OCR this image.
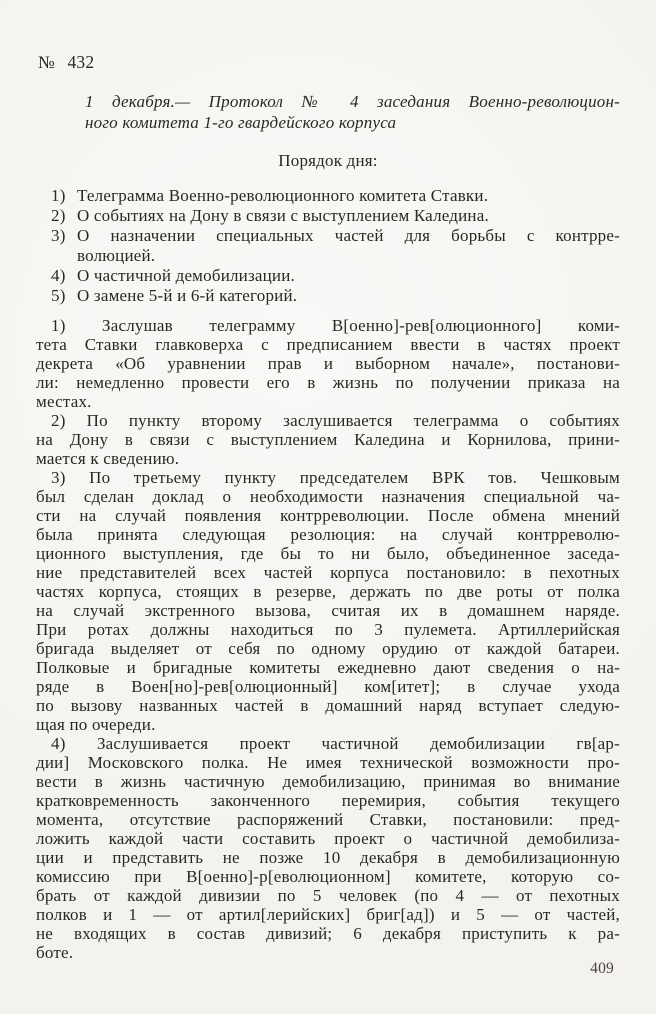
№ 432
1 декабря.— Протокол № 4 заседания Военно-революцион-
ного комитета 1-го гвардейского корпуса
Порядок дня:
1) Телеграмма Военно-революционного комитета Ставки.
2) О событиях на Дону в связи с выступлением Каледина.
3) О назначении специальных частей для борьбы с контрре-
волюцией.
4) О частичной демобилизации.
5) О замене 5-й и 6-й категорий.
1) Заслушав телеграмму В[оенно]-рев[олюционного] коми-
тета Ставки главковерха с предписанием ввести в частях проект
декрета «Об уравнении прав и выборном начале», постанови-
ли: немедленно провести его в жизнь по получении приказа на
местах.
2) По пункту второму заслушивается телеграмма о событиях
на Дону в связи с выступлением Каледина и Корнилова, прини-
мается к сведению.
3) По третьему пункту председателем ВРК тов. Чешковым
был сделан доклад о необходимости назначения специальной ча-
сти на случай появления контрреволюции. После обмена мнений
была принята следующая резолюция: на случай контрреволю-
ционного выступления, где бы то ни было, объединенное заседа-
ние представителей всех частей корпуса постановило: в пехотных
частях корпуса, стоящих в резерве, держать по две роты от полка
на случай экстренного вызова, считая их в домашнем наряде.
При ротах должны находиться по 3 пулемета. Артиллерийская
бригада выделяет от себя по одному орудию от каждой батареи.
Полковые и бригадные комитеты ежедневно дают сведения о на-
ряде в Воен[но]-рев[олюционный] ком[итет]; в случае ухода
по вызову названных частей в домашний наряд вступает следую-
щая по очереди.
4) Заслушивается проект частичной демобилизации гв[ар-
дии] Московского полка. Не имея технической возможности про-
вести в жизнь частичную демобилизацию, принимая во внимание
кратковременность законченного перемирия, события текущего
момента, отсутствие распоряжений Ставки, постановили: пред-
ложить каждой части составить проект о частичной демобилиза-
ции и представить не позже 10 декабря в демобилизационную
комиссию при В[оенно]-р[еволюционном] комитете, которую со-
брать от каждой дивизии по 5 человек (по 4 — от пехотных
полков и 1 — от артил[лерийских] бриг[ад]) и 5 — от частей,
не входящих в состав дивизий; 6 декабря приступить к ра-
боте.
409
